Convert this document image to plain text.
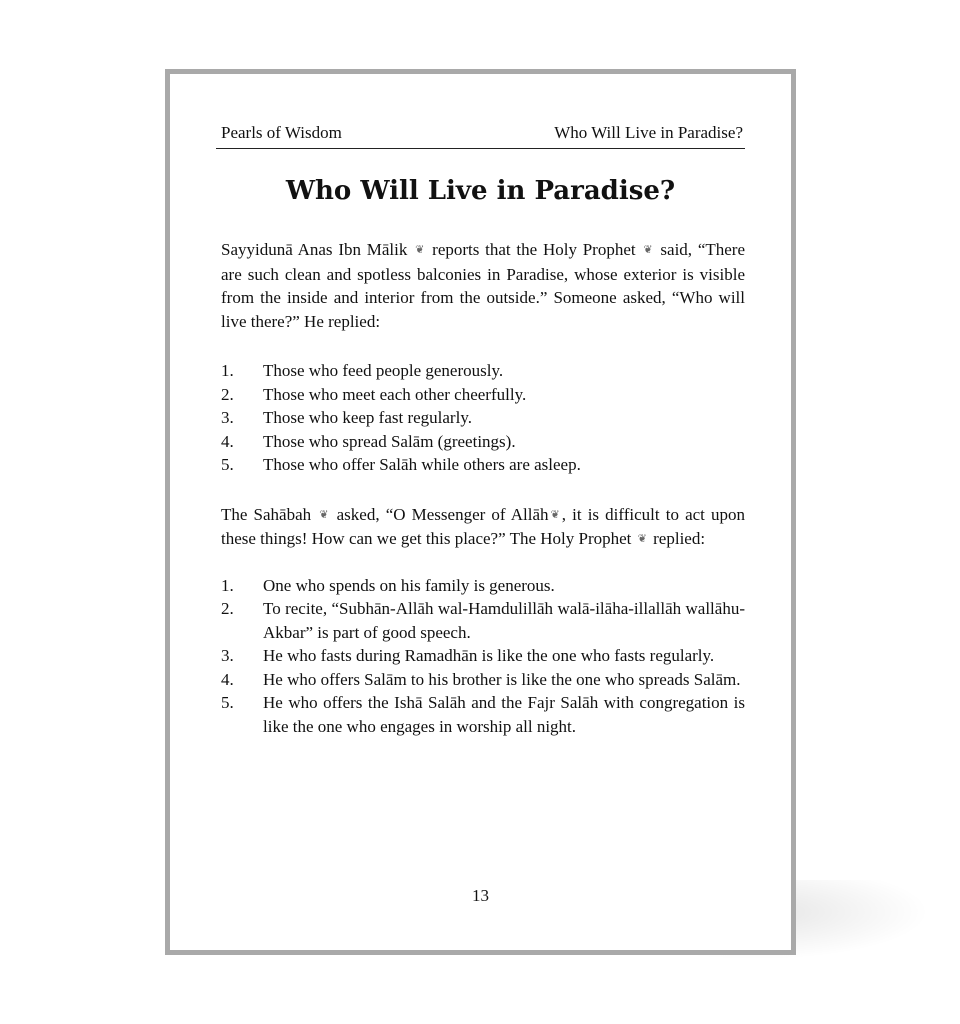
Pearls of Wisdom	Who Will Live in Paradise?
Who Will Live in Paradise?

Sayyidunā Anas Ibn Mālik ❦ reports that the Holy Prophet ❦ said, “There are such clean and spotless balconies in Paradise, whose exterior is visible from the inside and interior from the outside.” Someone asked, “Who will live there?” He replied:

1.	Those who feed people generously.
2.	Those who meet each other cheerfully.
3.	Those who keep fast regularly.
4.	Those who spread Salām (greetings).
5.	Those who offer Salāh while others are asleep.

The Sahābah ❦ asked, “O Messenger of Allāh ❦ , it is difficult to act upon these things! How can we get this place?” The Holy Prophet ❦ replied:

1.	One who spends on his family is generous.
2.	To recite, “Subhān-Allāh wal-Hamdulillāh walā-ilāha-illallāh wallāhu-Akbar” is part of good speech.
3.	He who fasts during Ramadhān is like the one who fasts regularly.
4.	He who offers Salām to his brother is like the one who spreads Salām.
5.	He who offers the Ishā Salāh and the Fajr Salāh with congregation is like the one who engages in worship all night.
13
